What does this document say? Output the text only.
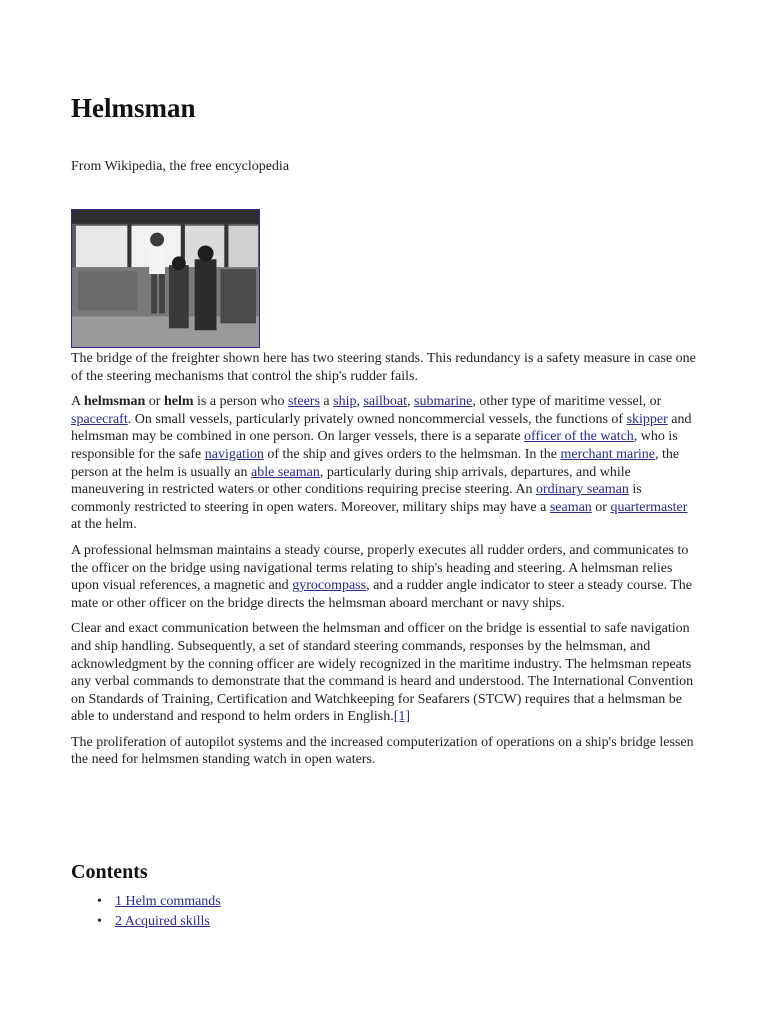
Helmsman

From Wikipedia, the free encyclopedia

The bridge of the freighter shown here has two steering stands. This redundancy is a safety measure in case one of the steering mechanisms that control the ship's rudder fails.

A helmsman or helm is a person who steers a ship, sailboat, submarine, other type of maritime vessel, or spacecraft. On small vessels, particularly privately owned noncommercial vessels, the functions of skipper and helmsman may be combined in one person. On larger vessels, there is a separate officer of the watch, who is responsible for the safe navigation of the ship and gives orders to the helmsman. In the merchant marine, the person at the helm is usually an able seaman, particularly during ship arrivals, departures, and while maneuvering in restricted waters or other conditions requiring precise steering. An ordinary seaman is commonly restricted to steering in open waters. Moreover, military ships may have a seaman or quartermaster at the helm.

A professional helmsman maintains a steady course, properly executes all rudder orders, and communicates to the officer on the bridge using navigational terms relating to ship's heading and steering. A helmsman relies upon visual references, a magnetic and gyrocompass, and a rudder angle indicator to steer a steady course. The mate or other officer on the bridge directs the helmsman aboard merchant or navy ships.

Clear and exact communication between the helmsman and officer on the bridge is essential to safe navigation and ship handling. Subsequently, a set of standard steering commands, responses by the helmsman, and acknowledgment by the conning officer are widely recognized in the maritime industry. The helmsman repeats any verbal commands to demonstrate that the command is heard and understood. The International Convention on Standards of Training, Certification and Watchkeeping for Seafarers (STCW) requires that a helmsman be able to understand and respond to helm orders in English.[1]

The proliferation of autopilot systems and the increased computerization of operations on a ship's bridge lessen the need for helmsmen standing watch in open waters.

Contents
• 1 Helm commands
• 2 Acquired skills
